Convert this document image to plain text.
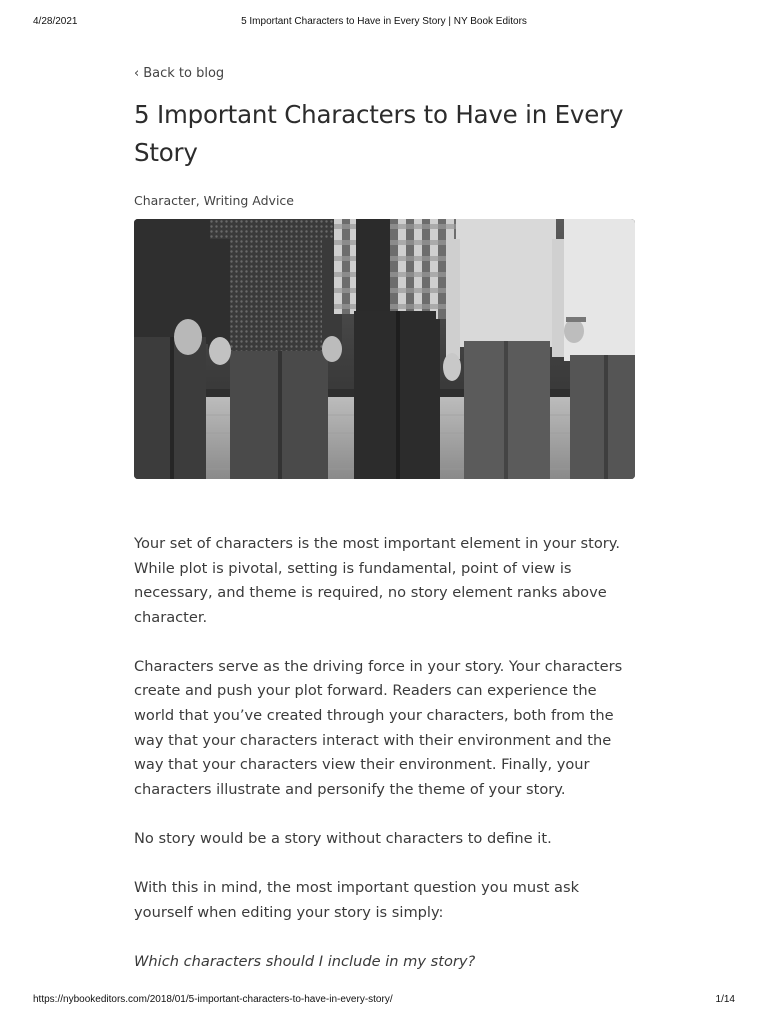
4/28/2021	5 Important Characters to Have in Every Story | NY Book Editors
‹ Back to blog
5 Important Characters to Have in Every Story
Character, Writing Advice

Your set of characters is the most important element in your story. While plot is pivotal, setting is fundamental, point of view is necessary, and theme is required, no story element ranks above character.

Characters serve as the driving force in your story. Your characters create and push your plot forward. Readers can experience the world that you’ve created through your characters, both from the way that your characters interact with their environment and the way that your characters view their environment. Finally, your characters illustrate and personify the theme of your story.

No story would be a story without characters to define it.

With this in mind, the most important question you must ask yourself when editing your story is simply:

Which characters should I include in my story?

https://nybookeditors.com/2018/01/5-important-characters-to-have-in-every-story/	1/14
